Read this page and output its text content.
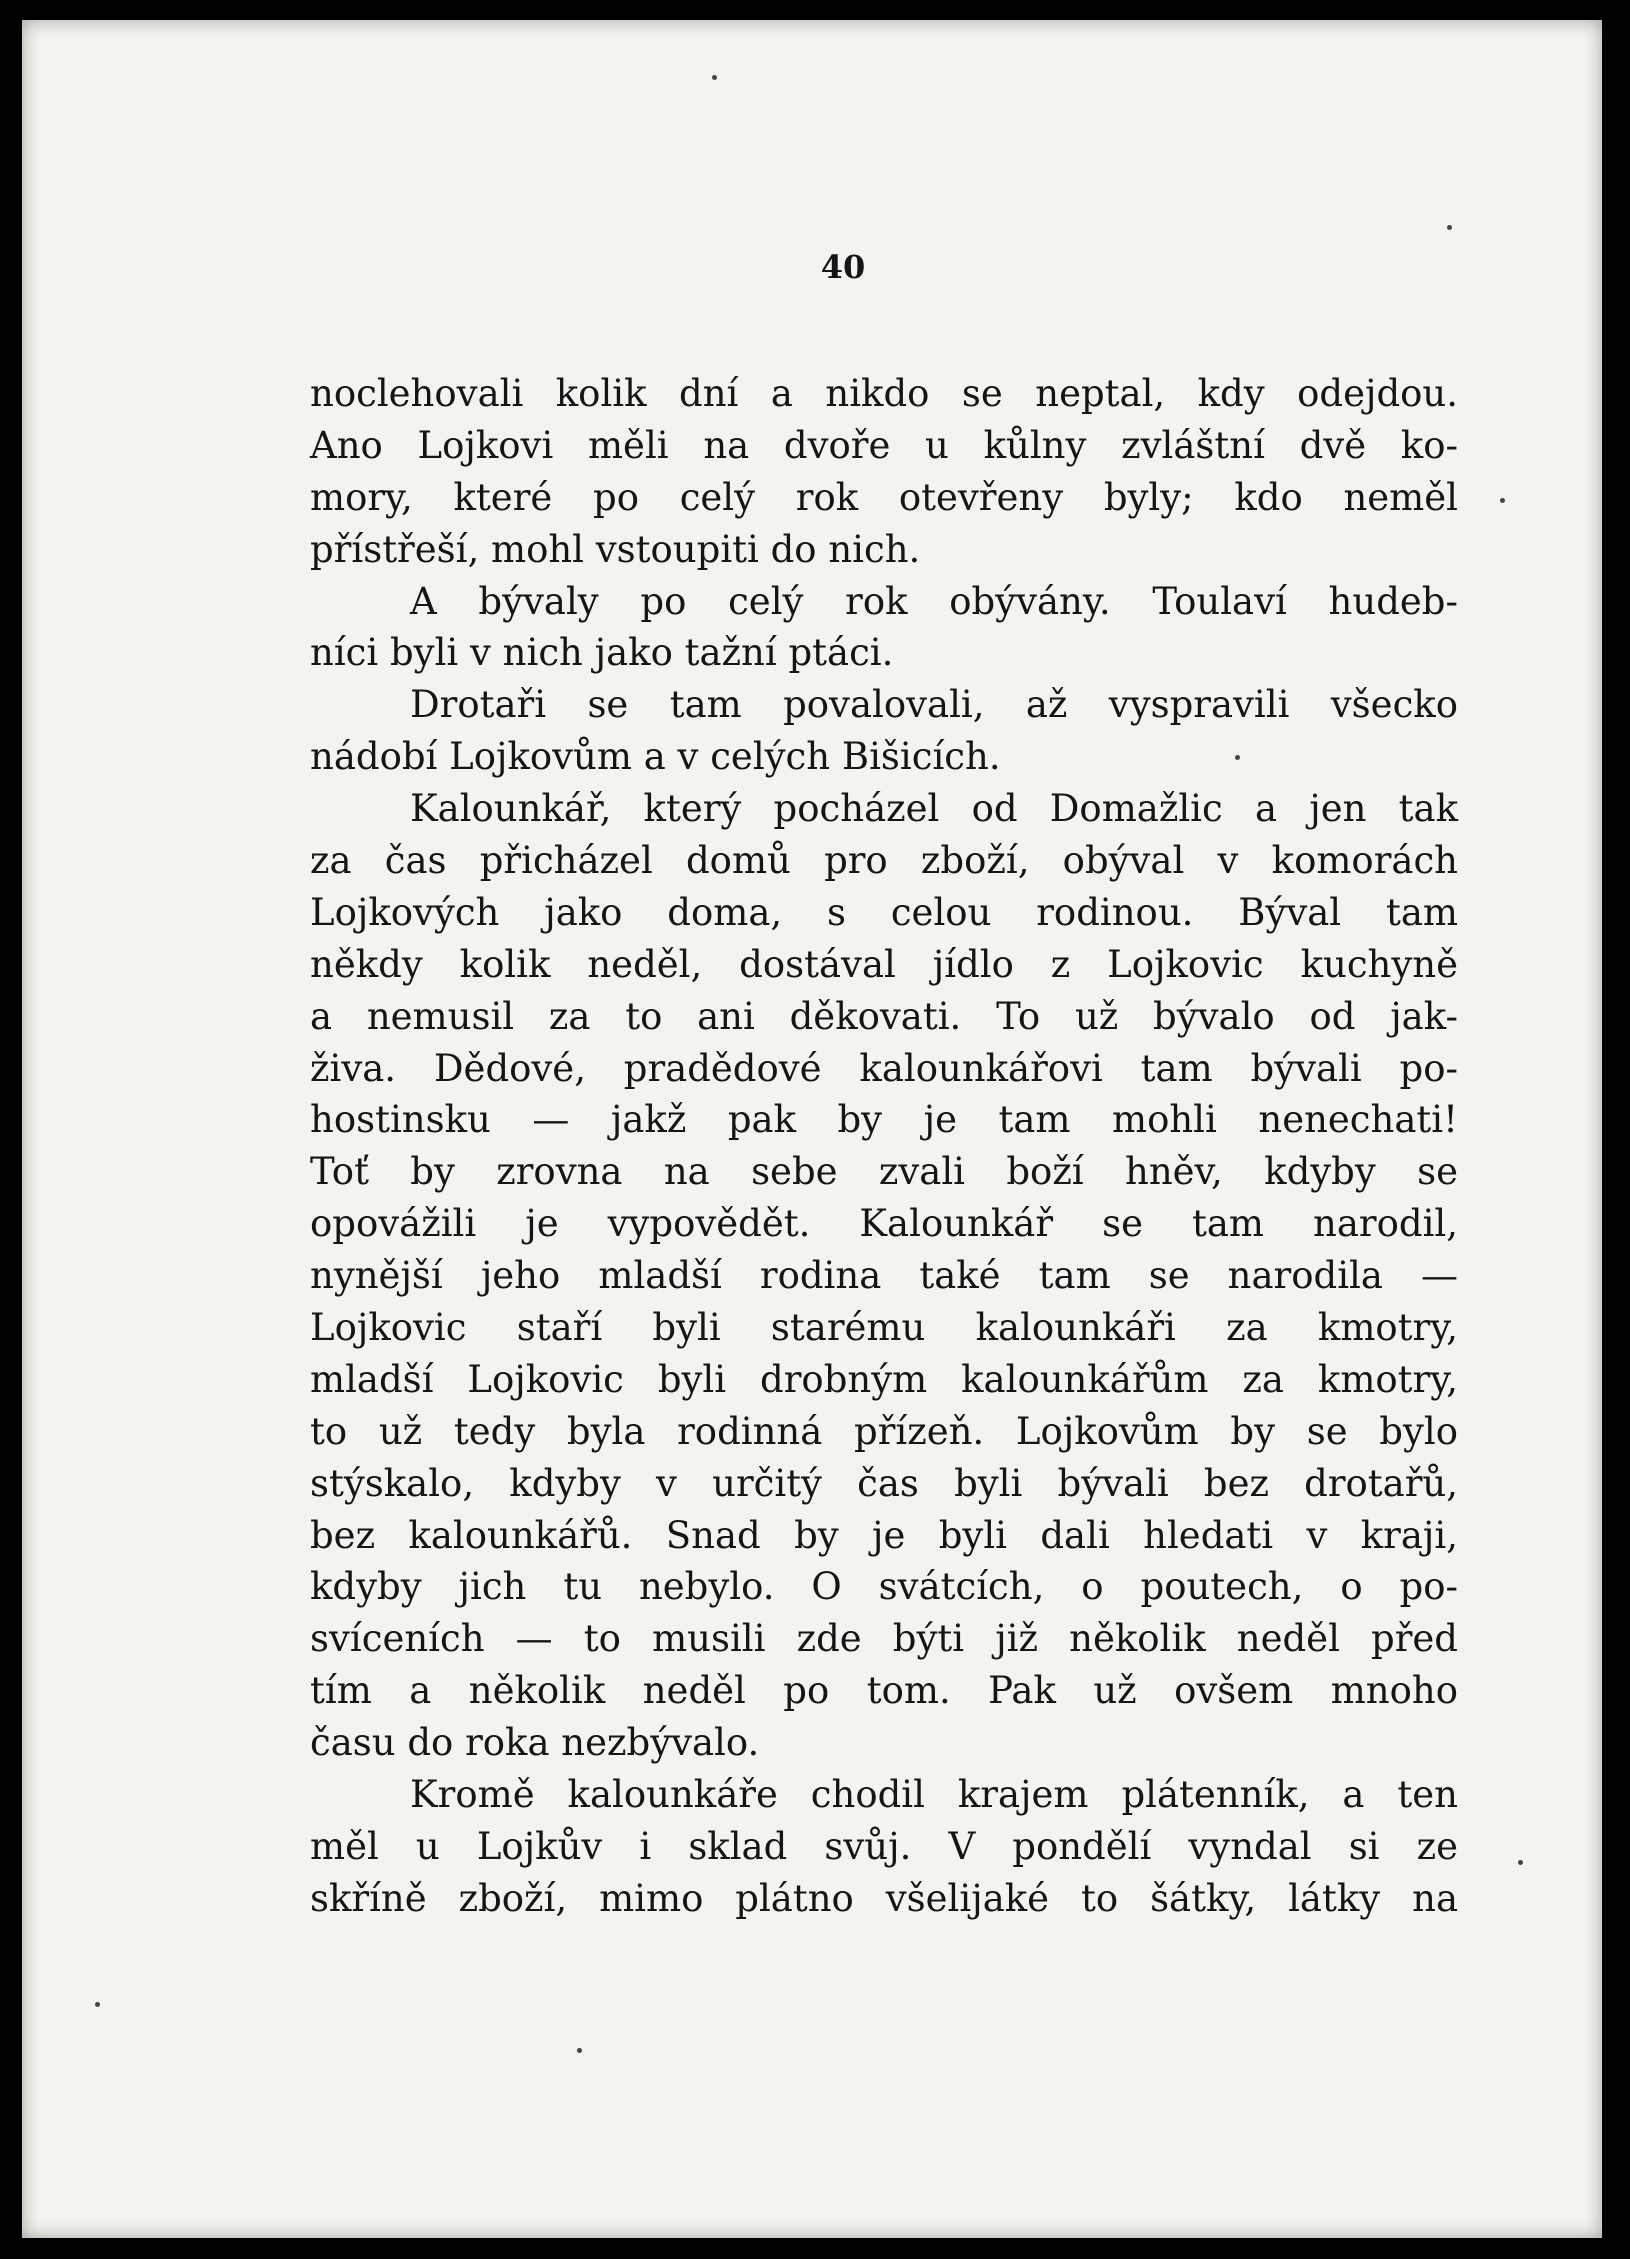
40
noclehovali kolik dní a nikdo se neptal, kdy odejdou.
Ano Lojkovi měli na dvoře u kůlny zvláštní dvě ko-
mory, které po celý rok otevřeny byly; kdo neměl
přístřeší, mohl vstoupiti do nich.
A bývaly po celý rok obývány. Toulaví hudeb-
níci byli v nich jako tažní ptáci.
Drotaři se tam povalovali, až vyspravili všecko
nádobí Lojkovům a v celých Bišicích.
Kalounkář, který pocházel od Domažlic a jen tak
za čas přicházel domů pro zboží, obýval v komorách
Lojkových jako doma, s celou rodinou. Býval tam
někdy kolik neděl, dostával jídlo z Lojkovic kuchyně
a nemusil za to ani děkovati. To už bývalo od jak-
živa. Dědové, pradědové kalounkářovi tam bývali po-
hostinsku — jakž pak by je tam mohli nenechati!
Toť by zrovna na sebe zvali boží hněv, kdyby se
opovážili je vypovědět. Kalounkář se tam narodil,
nynější jeho mladší rodina také tam se narodila —
Lojkovic staří byli starému kalounkáři za kmotry,
mladší Lojkovic byli drobným kalounkářům za kmotry,
to už tedy byla rodinná přízeň. Lojkovům by se bylo
stýskalo, kdyby v určitý čas byli bývali bez drotařů,
bez kalounkářů. Snad by je byli dali hledati v kraji,
kdyby jich tu nebylo. O svátcích, o poutech, o po-
svíceních — to musili zde býti již několik neděl před
tím a několik neděl po tom. Pak už ovšem mnoho
času do roka nezbývalo.
Kromě kalounkáře chodil krajem plátenník, a ten
měl u Lojkův i sklad svůj. V pondělí vyndal si ze
skříně zboží, mimo plátno všelijaké to šátky, látky na
